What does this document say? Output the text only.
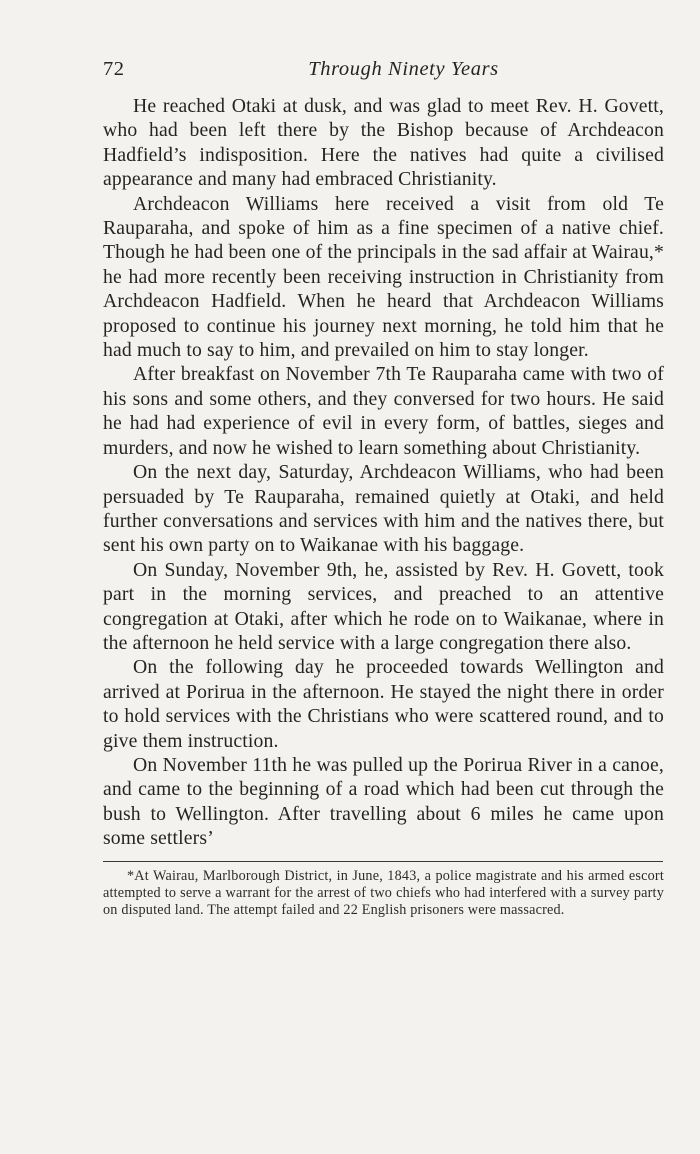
72	Through Ninety Years

He reached Otaki at dusk, and was glad to meet Rev. H. Govett, who had been left there by the Bishop because of Archdeacon Hadfield’s indisposition. Here the natives had quite a civilised appearance and many had embraced Christianity.

Archdeacon Williams here received a visit from old Te Rauparaha, and spoke of him as a fine specimen of a native chief. Though he had been one of the principals in the sad affair at Wairau,* he had more recently been receiving instruction in Christianity from Archdeacon Hadfield. When he heard that Archdeacon Williams proposed to continue his journey next morning, he told him that he had much to say to him, and prevailed on him to stay longer.

After breakfast on November 7th Te Rauparaha came with two of his sons and some others, and they conversed for two hours. He said he had had experience of evil in every form, of battles, sieges and murders, and now he wished to learn something about Christianity.

On the next day, Saturday, Archdeacon Williams, who had been persuaded by Te Rauparaha, remained quietly at Otaki, and held further conversations and services with him and the natives there, but sent his own party on to Waikanae with his baggage.

On Sunday, November 9th, he, assisted by Rev. H. Govett, took part in the morning services, and preached to an attentive congregation at Otaki, after which he rode on to Waikanae, where in the afternoon he held service with a large congregation there also.

On the following day he proceeded towards Wellington and arrived at Porirua in the afternoon. He stayed the night there in order to hold services with the Christians who were scattered round, and to give them instruction.

On November 11th he was pulled up the Porirua River in a canoe, and came to the beginning of a road which had been cut through the bush to Wellington. After travelling about 6 miles he came upon some settlers’

*At Wairau, Marlborough District, in June, 1843, a police magistrate and his armed escort attempted to serve a warrant for the arrest of two chiefs who had interfered with a survey party on disputed land. The attempt failed and 22 English prisoners were massacred.
